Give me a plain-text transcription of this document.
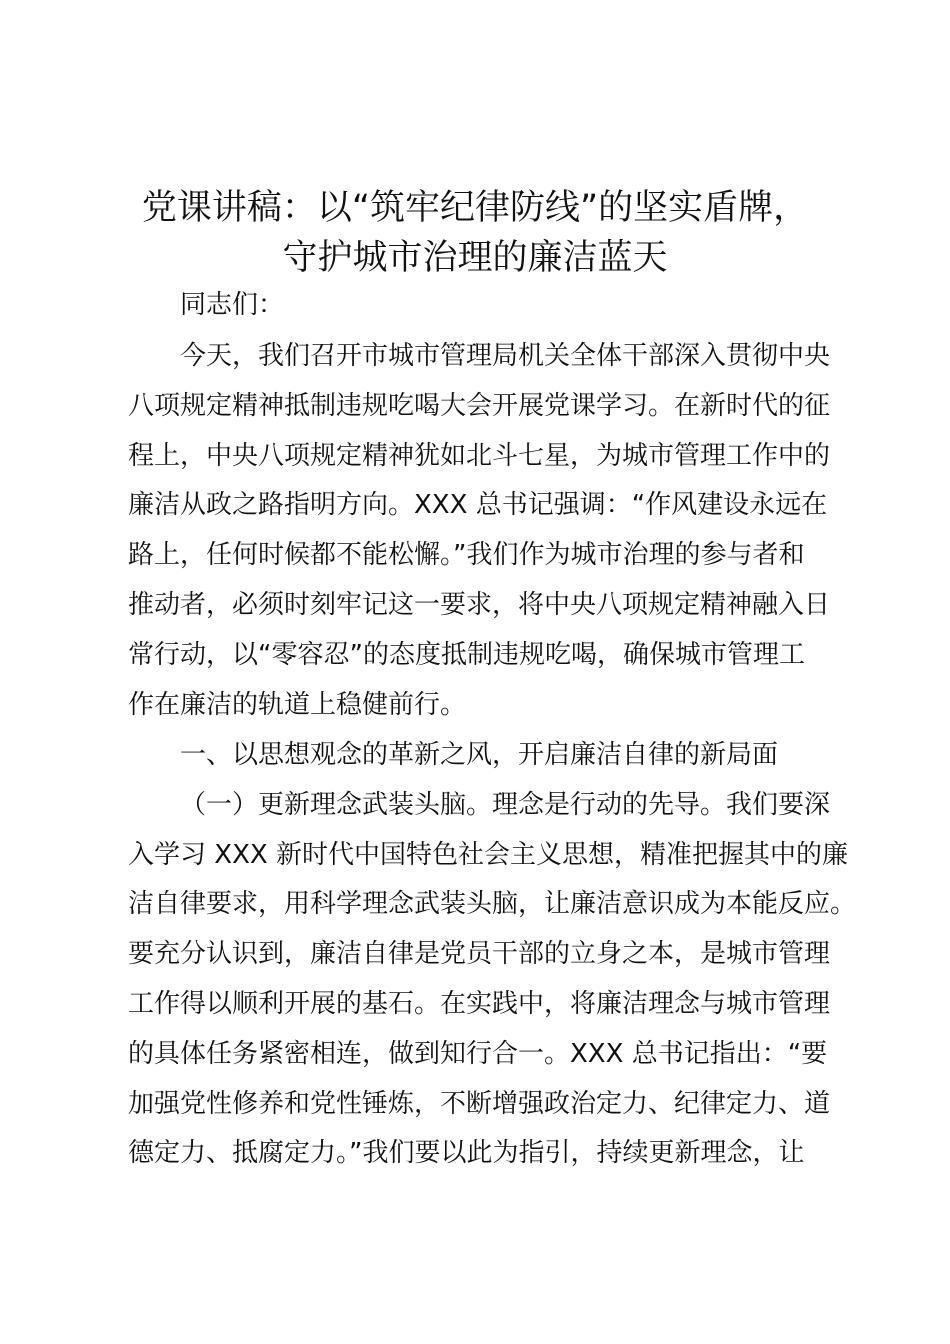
党课讲稿：以“筑牢纪律防线”的坚实盾牌，
守护城市治理的廉洁蓝天

同志们：

今天，我们召开市城市管理局机关全体干部深入贯彻中央

八项规定精神抵制违规吃喝大会开展党课学习。在新时代的征

程上，中央八项规定精神犹如北斗七星，为城市管理工作中的

廉洁从政之路指明方向。XXX 总书记强调：“作风建设永远在

路上，任何时候都不能松懈。”我们作为城市治理的参与者和

推动者，必须时刻牢记这一要求，将中央八项规定精神融入日

常行动，以“零容忍”的态度抵制违规吃喝，确保城市管理工

作在廉洁的轨道上稳健前行。

一、以思想观念的革新之风，开启廉洁自律的新局面

（一）更新理念武装头脑。理念是行动的先导。我们要深

入学习 XXX 新时代中国特色社会主义思想，精准把握其中的廉

洁自律要求，用科学理念武装头脑，让廉洁意识成为本能反应。

要充分认识到，廉洁自律是党员干部的立身之本，是城市管理

工作得以顺利开展的基石。在实践中，将廉洁理念与城市管理

的具体任务紧密相连，做到知行合一。XXX 总书记指出：“要

加强党性修养和党性锤炼，不断增强政治定力、纪律定力、道

德定力、抵腐定力。”我们要以此为指引，持续更新理念，让
